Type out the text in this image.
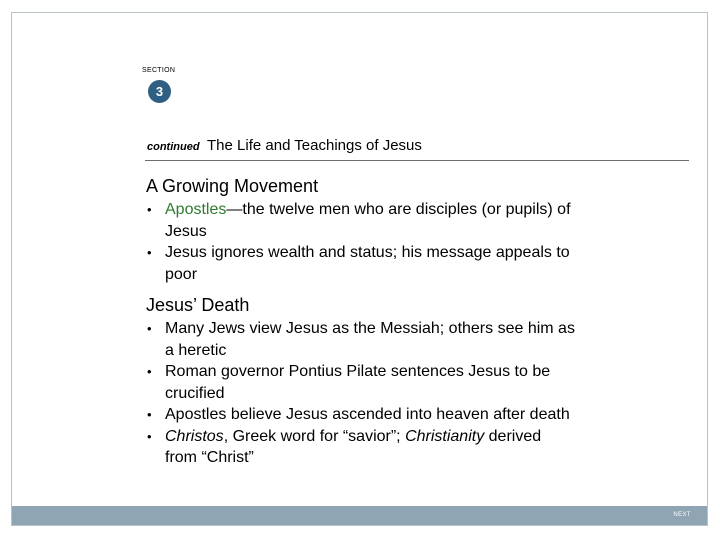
SECTION
3
continued The Life and Teachings of Jesus
A Growing Movement
• Apostles—the twelve men who are disciples (or pupils) of Jesus
• Jesus ignores wealth and status; his message appeals to poor
Jesus’ Death
• Many Jews view Jesus as the Messiah; others see him as a heretic
• Roman governor Pontius Pilate sentences Jesus to be crucified
• Apostles believe Jesus ascended into heaven after death
• Christos, Greek word for “savior”; Christianity derived from “Christ”
NEXT
